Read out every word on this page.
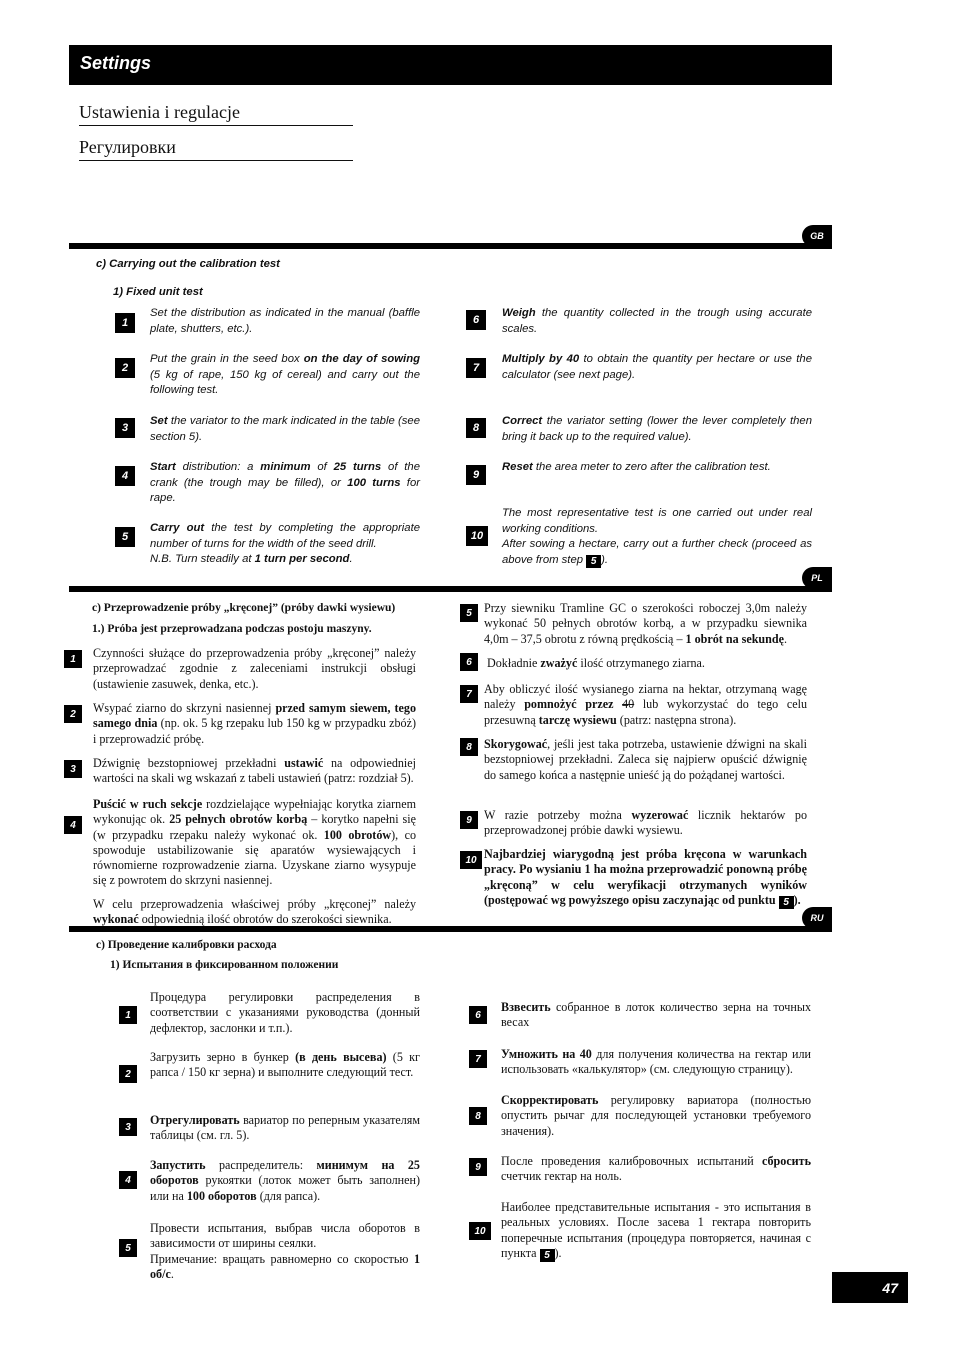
Settings
Ustawienia i regulacje
Регулировки
GB
c) Carrying out the calibration test
1) Fixed unit test
1
Set the distribution as indicated in the manual (baffle plate, shutters, etc.).
2
Put the grain in the seed box on the day of sowing (5 kg of rape, 150 kg of cereal) and carry out the following test.
3
Set the variator to the mark indicated in the table (see section 5).
4
Start distribution: a minimum of 25 turns of the crank (the trough may be filled), or 100 turns for rape.
5
Carry out the test by completing the appropriate number of turns for the width of the seed drill.
N.B. Turn steadily at 1 turn per second.
6
Weigh the quantity collected in the trough using accurate scales.
7
Multiply by 40 to obtain the quantity per hectare or use the calculator (see next page).
8
Correct the variator setting (lower the lever completely then bring it back up to the required value).
9
Reset the area meter to zero after the calibration test.
10
The most representative test is one carried out under real working conditions.
After sowing a hectare, carry out a further check (proceed as above from step 5 ).
PL
c) Przeprowadzenie próby „kręconej” (próby dawki wysiewu)
1.) Próba jest przeprowadzana podczas postoju maszyny.
1	Czynności służące do przeprowadzenia próby „kręconej” należy przeprowadzać zgodnie z zaleceniami instrukcji obsługi (ustawienie zasuwek, denka, etc.).
2	Wsypać ziarno do skrzyni nasiennej przed samym siewem, tego samego dnia (np. ok. 5 kg rzepaku lub 150 kg w przypadku zbóż) i przeprowadzić próbę.
3	Dźwignię bezstopniowej przekładni ustawić na odpowiedniej wartości na skali wg wskazań z tabeli ustawień (patrz: rozdział 5).
4
Puścić w ruch sekcje rozdzielające wypełniając korytka ziarnem wykonując ok. 25 pełnych obrotów korbą – korytko napełni się (w przypadku rzepaku należy wykonać ok. 100 obrotów), co spowoduje ustabilizowanie się aparatów wysiewających i równomierne rozprowadzenie ziarna. Uzyskane ziarno wysypuje się z powrotem do skrzyni nasiennej.
W celu przeprowadzenia właściwej próby „kręconej” należy wykonać odpowiednią ilość obrotów do szerokości siewnika.
5	Przy siewniku Tramline GC o szerokości roboczej 3,0m należy wykonać 50 pełnych obrotów korbą, a w przypadku siewnika 4,0m – 37,5 obrotu z równą prędkością – 1 obrót na sekundę.
6	Dokładnie zważyć ilość otrzymanego ziarna.
7	Aby obliczyć ilość wysianego ziarna na hektar, otrzymaną wagę należy pomnożyć przez 40 lub wykorzystać do tego celu przesuwną tarczę wysiewu (patrz: następna strona).
8	Skorygować, jeśli jest taka potrzeba, ustawienie dźwigni na skali bezstopniowej przekładni. Zaleca się najpierw opuścić dźwignię do samego końca a następnie unieść ją do pożądanej wartości.
9	W razie potrzeby można wyzerować licznik hektarów po przeprowadzonej próbie dawki wysiewu.
10 Najbardziej wiarygodną jest próba kręcona w warunkach pracy. Po wysianiu 1 ha można przeprowadzić ponowną próbę „kręconą” w celu weryfikacji otrzymanych wyników (postępować wg powyższego opisu zaczynając od punktu 5 ).
RU
c) Проведение калибровки расхода
1) Испытания в фиксированном положении
1
Процедура регулировки распределения в соответствии с указаниями руководства (донный дефлектор, заслонки и т.п.).
2
Загрузить зерно в бункер (в день высева) (5 кг рапса / 150 кг зерна) и выполните следующий тест.
3	Отрегулировать вариатор по реперным указателям таблицы (см. гл. 5).
4
Запустить распределитель: минимум на 25 оборотов рукоятки (лоток может быть заполнен) или на 100 оборотов (для рапса).
5
Провести испытания, выбрав числа оборотов в зависимости от ширины сеялки.
Примечание: вращать равномерно со скоростью 1 об/с.
6
Взвесить собранное в лоток количество зерна на точных весах
7	Умножить на 40 для получения количества на гектар или использовать «калькулятор» (см. следующую страницу).
8
Скорректировать регулировку вариатора (полностью опустить рычаг для последующей установки требуемого значения).
9	После проведения калибровочных испытаний сбросить счетчик гектар на ноль.
10
Наиболее представительные испытания - это испытания в реальных условиях. После засева 1 гектара повторить поперечные испытания (процедура повторяется, начиная с пункта 5 ).
47
